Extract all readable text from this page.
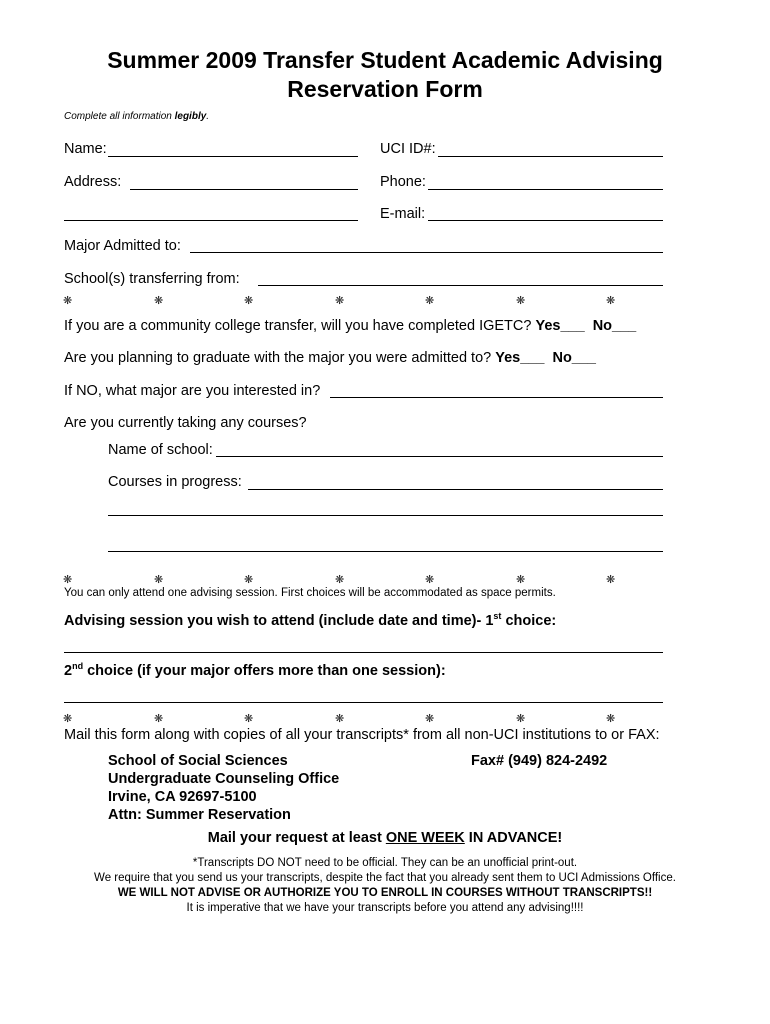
Summer 2009 Transfer Student Academic Advising
Reservation Form
Complete all information legibly.
Name:	UCI ID#:
Address:	Phone:
E-mail:
Major Admitted to:
School(s) transferring from:
❋	❋	❋	❋	❋	❋	❋
If you are a community college transfer, will you have completed IGETC? Yes___ No___
Are you planning to graduate with the major you were admitted to? Yes___ No___
If NO, what major are you interested in?
Are you currently taking any courses?
Name of school:
Courses in progress:
❋	❋	❋	❋	❋	❋	❋
You can only attend one advising session. First choices will be accommodated as space permits.
Advising session you wish to attend (include date and time)- 1st choice:
2nd choice (if your major offers more than one session):
❋	❋	❋	❋	❋	❋	❋
Mail this form along with copies of all your transcripts* from all non-UCI institutions to or FAX:
School of Social Sciences
Undergraduate Counseling Office
Irvine, CA 92697-5100
Attn: Summer Reservation
Fax# (949) 824-2492
Mail your request at least ONE WEEK IN ADVANCE!
*Transcripts DO NOT need to be official. They can be an unofficial print-out.
We require that you send us your transcripts, despite the fact that you already sent them to UCI Admissions Office.
WE WILL NOT ADVISE OR AUTHORIZE YOU TO ENROLL IN COURSES WITHOUT TRANSCRIPTS!!
It is imperative that we have your transcripts before you attend any advising!!!!
